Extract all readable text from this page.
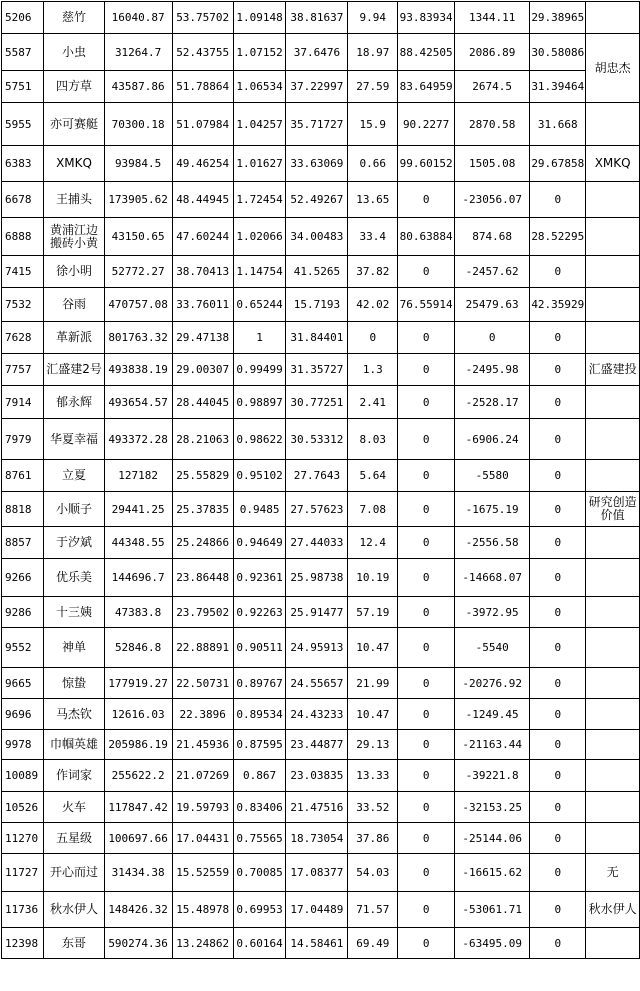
5206	慈竹	16040.87	53.75702	1.09148	38.81637	9.94	93.83934	1344.11	29.38965	
5587	小虫	31264.7	52.43755	1.07152	37.6476	18.97	88.42505	2086.89	30.58086	胡忠杰
5751	四方草	43587.86	51.78864	1.06534	37.22997	27.59	83.64959	2674.5	31.39464	
5955	亦可赛艇	70300.18	51.07984	1.04257	35.71727	15.9	90.2277	2870.58	31.668	
6383	XMKQ	93984.5	49.46254	1.01627	33.63069	0.66	99.60152	1505.08	29.67858	XMKQ
6678	王捕头	173905.62	48.44945	1.72454	52.49267	13.65	0	-23056.07	0	
6888	黄浦江边搬砖小黄	43150.65	47.60244	1.02066	34.00483	33.4	80.63884	874.68	28.52295	
7415	徐小明	52772.27	38.70413	1.14754	41.5265	37.82	0	-2457.62	0	
7532	谷雨	470757.08	33.76011	0.65244	15.7193	42.02	76.55914	25479.63	42.35929	
7628	革新派	801763.32	29.47138	1	31.84401	0	0	0	0	
7757	汇盛建2号	493838.19	29.00307	0.99499	31.35727	1.3	0	-2495.98	0	汇盛建投
7914	郁永辉	493654.57	28.44045	0.98897	30.77251	2.41	0	-2528.17	0	
7979	华夏幸福	493372.28	28.21063	0.98622	30.53312	8.03	0	-6906.24	0	
8761	立夏	127182	25.55829	0.95102	27.7643	5.64	0	-5580	0	
8818	小顺子	29441.25	25.37835	0.9485	27.57623	7.08	0	-1675.19	0	研究创造价值
8857	于汐斌	44348.55	25.24866	0.94649	27.44033	12.4	0	-2556.58	0	
9266	优乐美	144696.7	23.86448	0.92361	25.98738	10.19	0	-14668.07	0	
9286	十三姨	47383.8	23.79502	0.92263	25.91477	57.19	0	-3972.95	0	
9552	神单	52846.8	22.88891	0.90511	24.95913	10.47	0	-5540	0	
9665	惊蛰	177919.27	22.50731	0.89767	24.55657	21.99	0	-20276.92	0	
9696	马杰钦	12616.03	22.3896	0.89534	24.43233	10.47	0	-1249.45	0	
9978	巾帼英雄	205986.19	21.45936	0.87595	23.44877	29.13	0	-21163.44	0	
10089	作词家	255622.2	21.07269	0.867	23.03835	13.33	0	-39221.8	0	
10526	火车	117847.42	19.59793	0.83406	21.47516	33.52	0	-32153.25	0	
11270	五星级	100697.66	17.04431	0.75565	18.73054	37.86	0	-25144.06	0	
11727	开心而过	31434.38	15.52559	0.70085	17.08377	54.03	0	-16615.62	0	无
11736	秋水伊人	148426.32	15.48978	0.69953	17.04489	71.57	0	-53061.71	0	秋水伊人
12398	东哥	590274.36	13.24862	0.60164	14.58461	69.49	0	-63495.09	0	
